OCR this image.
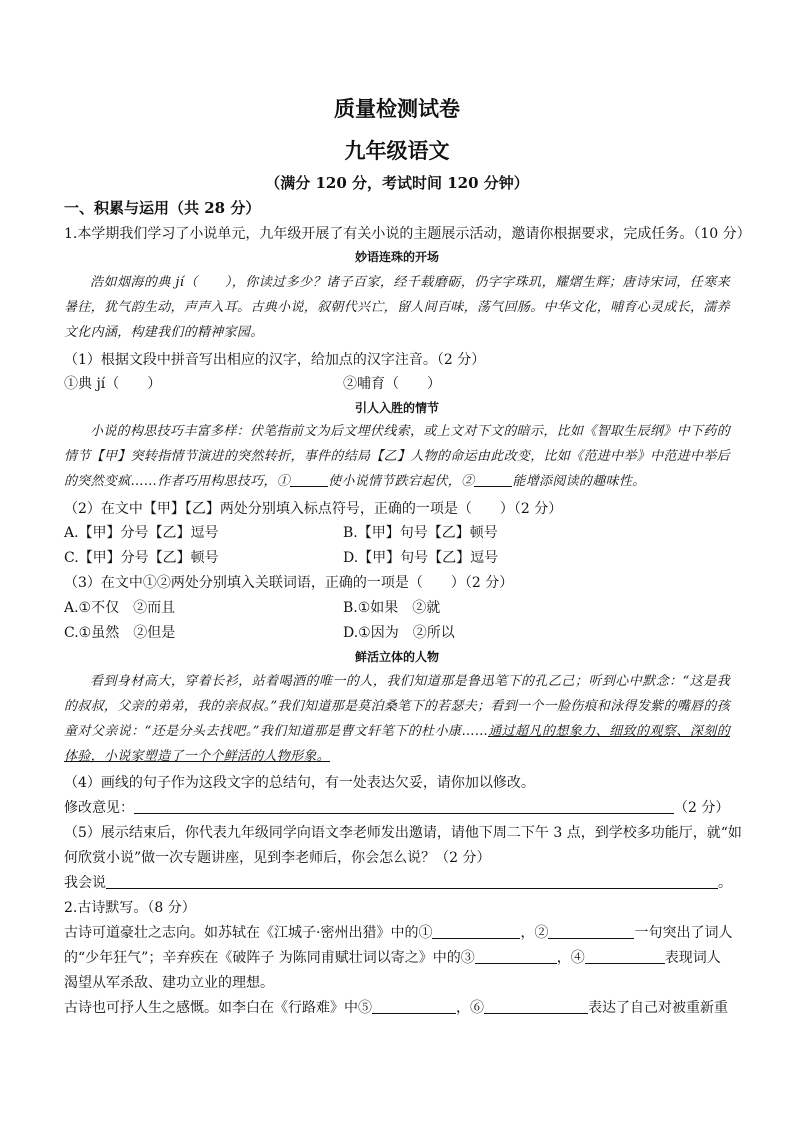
质量检测试卷
九年级语文
（满分 120 分，考试时间 120 分钟）
一、积累与运用（共 28 分）
1.本学期我们学习了小说单元，九年级开展了有关小说的主题展示活动，邀请你根据要求，完成任务。（10 分）
妙语连珠的开场
浩如烟海的典 jí（　　），你读过多少？诸子百家，经千载磨砺，仍字字珠玑，耀熠生辉；唐诗宋词，任寒来暑往，犹气韵生动，声声入耳。古典小说，叙朝代兴亡，留人间百味，荡气回肠。中华文化，哺育心灵成长，濡养文化内涵，构建我们的精神家园。
（1）根据文段中拼音写出相应的汉字，给加点的汉字注音。（2 分）
①典 jí（　　）	②哺育（　　）
引人入胜的情节
小说的构思技巧丰富多样：伏笔指前文为后文埋伏线索，或上文对下文的暗示，比如《智取生辰纲》中下药的情节【甲】突转指情节演进的突然转折，事件的结局【乙】人物的命运由此改变，比如《范进中举》中范进中举后的突然变疯……作者巧用构思技巧，①	使小说情节跌宕起伏，②	能增添阅读的趣味性。
（2）在文中【甲】【乙】两处分别填入标点符号，正确的一项是（　　）（2 分）
A.【甲】分号【乙】逗号	B.【甲】句号【乙】顿号
C.【甲】分号【乙】顿号	D.【甲】句号【乙】逗号
（3）在文中①②两处分别填入关联词语，正确的一项是（　　）（2 分）
A.①不仅　②而且	B.①如果　②就
C.①虽然　②但是	D.①因为　②所以
鲜活立体的人物
看到身材高大，穿着长衫，站着喝酒的唯一的人，我们知道那是鲁迅笔下的孔乙己；听到心中默念：“这是我的叔叔，父亲的弟弟，我的亲叔叔。”我们知道那是莫泊桑笔下的若瑟夫；看到一个一脸伤痕和泳得发紫的嘴唇的孩童对父亲说：“还是分头去找吧。”我们知道那是曹文轩笔下的杜小康……通过超凡的想象力、细致的观察、深刻的体验，小说家塑造了一个个鲜活的人物形象。
（4）画线的句子作为这段文字的总结句，有一处表达欠妥，请你加以修改。
修改意见：	（2 分）
（5）展示结束后，你代表九年级同学向语文李老师发出邀请，请他下周二下午 3 点，到学校多功能厅，就“如
何欣赏小说”做一次专题讲座，见到李老师后，你会怎么说？（2 分）
我会说	。
2.古诗默写。（8 分）
古诗可道豪壮之志向。如苏轼在《江城子·密州出猎》中的①	，②	一句突出了词人
的“少年狂气”；辛弃疾在《破阵子 为陈同甫赋壮词以寄之》中的③	，④	表现词人
渴望从军杀敌、建功立业的理想。
古诗也可抒人生之感慨。如李白在《行路难》中⑤	，⑥	表达了自己对被重新重
